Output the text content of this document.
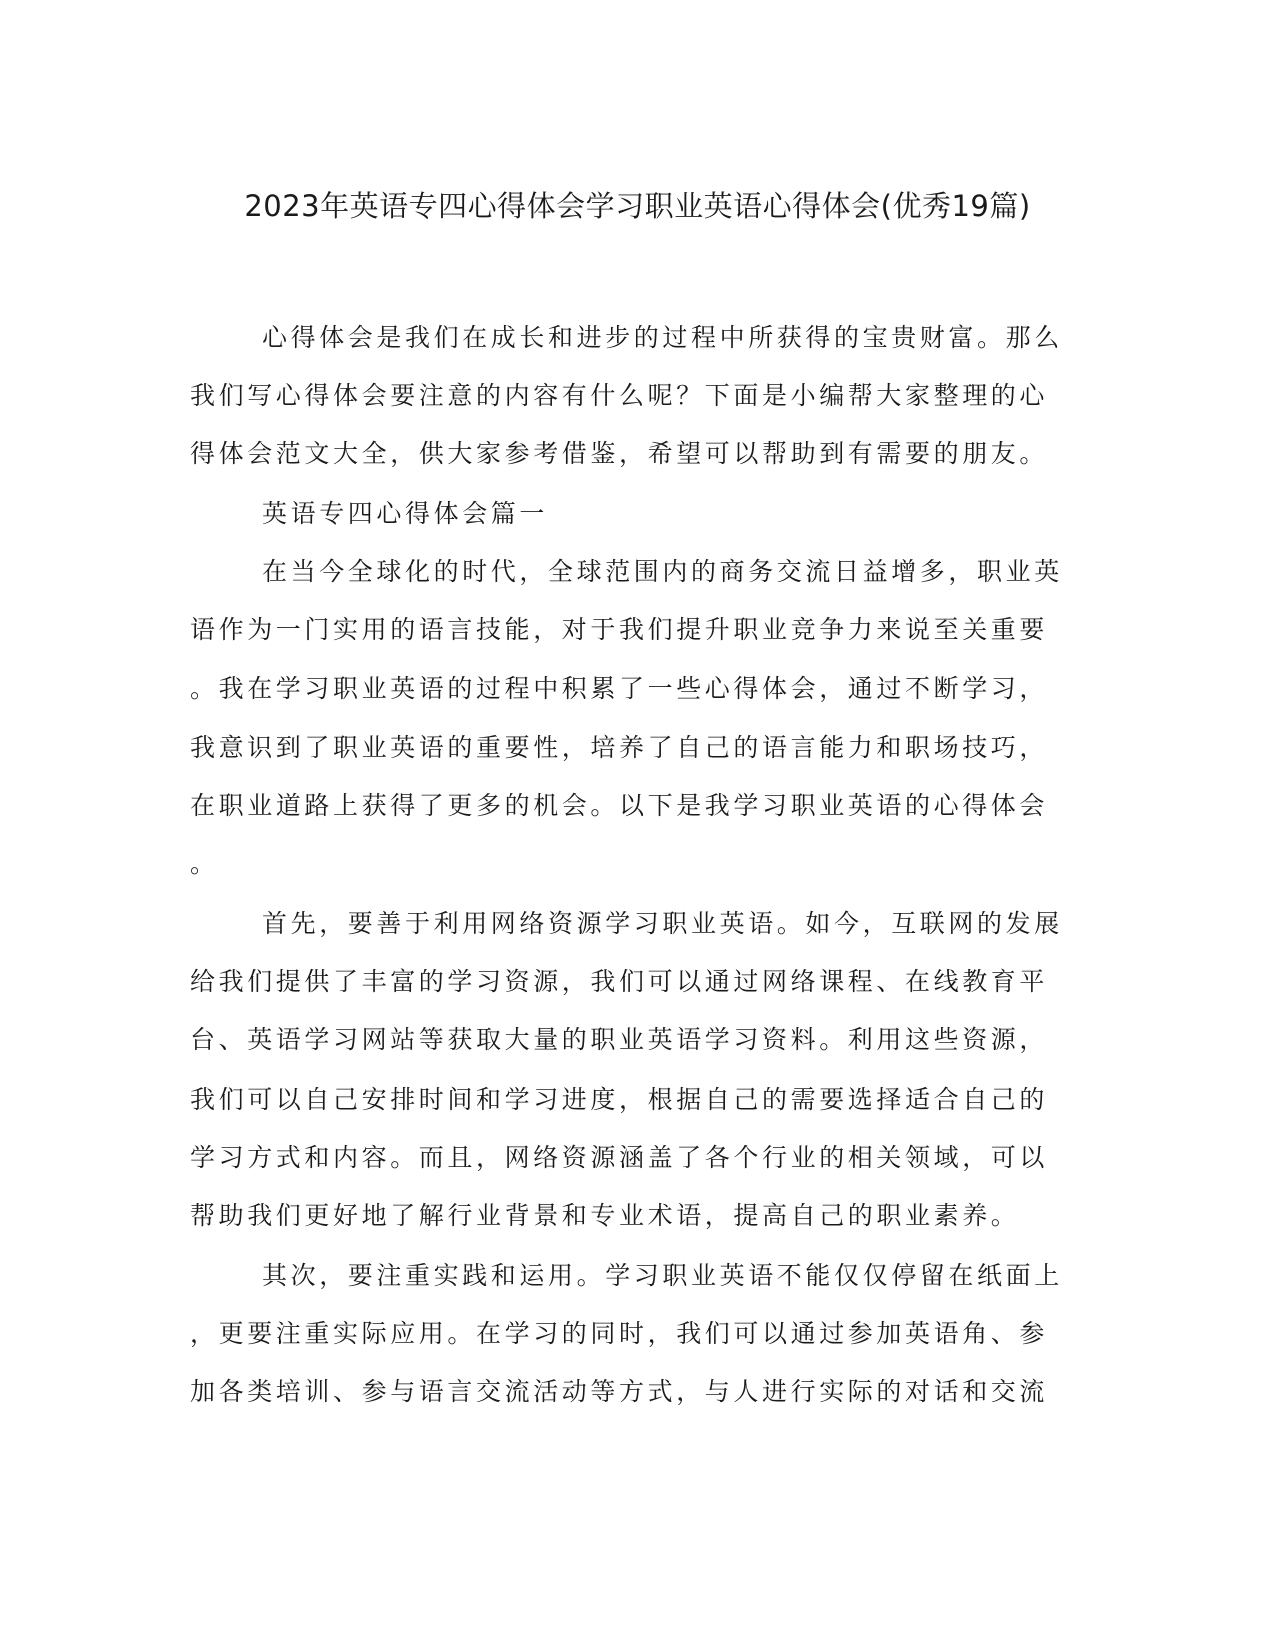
2023年英语专四心得体会学习职业英语心得体会(优秀19篇)

心得体会是我们在成长和进步的过程中所获得的宝贵财富。那么

我们写心得体会要注意的内容有什么呢？下面是小编帮大家整理的心

得体会范文大全，供大家参考借鉴，希望可以帮助到有需要的朋友。

英语专四心得体会篇一

在当今全球化的时代，全球范围内的商务交流日益增多，职业英

语作为一门实用的语言技能，对于我们提升职业竞争力来说至关重要

。我在学习职业英语的过程中积累了一些心得体会，通过不断学习，

我意识到了职业英语的重要性，培养了自己的语言能力和职场技巧，

在职业道路上获得了更多的机会。以下是我学习职业英语的心得体会

。

首先，要善于利用网络资源学习职业英语。如今，互联网的发展

给我们提供了丰富的学习资源，我们可以通过网络课程、在线教育平

台、英语学习网站等获取大量的职业英语学习资料。利用这些资源，

我们可以自己安排时间和学习进度，根据自己的需要选择适合自己的

学习方式和内容。而且，网络资源涵盖了各个行业的相关领域，可以

帮助我们更好地了解行业背景和专业术语，提高自己的职业素养。

其次，要注重实践和运用。学习职业英语不能仅仅停留在纸面上

，更要注重实际应用。在学习的同时，我们可以通过参加英语角、参

加各类培训、参与语言交流活动等方式，与人进行实际的对话和交流
